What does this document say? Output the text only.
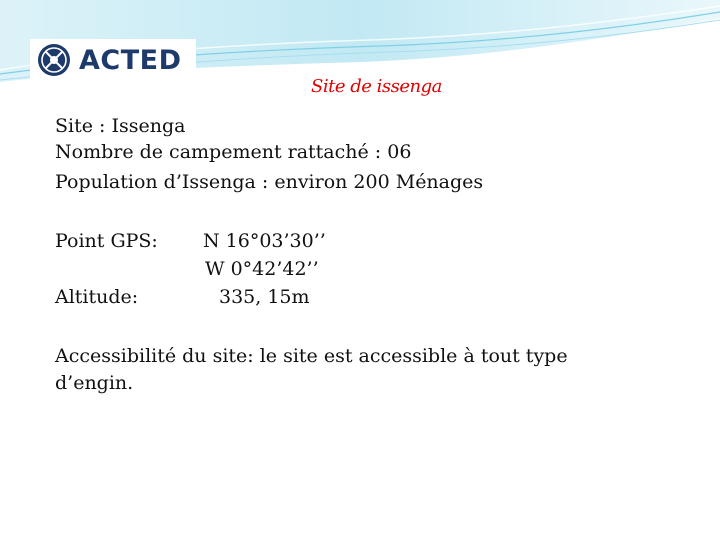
ACTED
Site de issenga
Site : Issenga
Nombre de campement rattaché : 06
Population d’Issenga : environ 200 Ménages
Point GPS: N 16°03’30’’
W 0°42’42’’
Altitude:	335, 15m
Accessibilité du site: le site est accessible à tout type d’engin.
